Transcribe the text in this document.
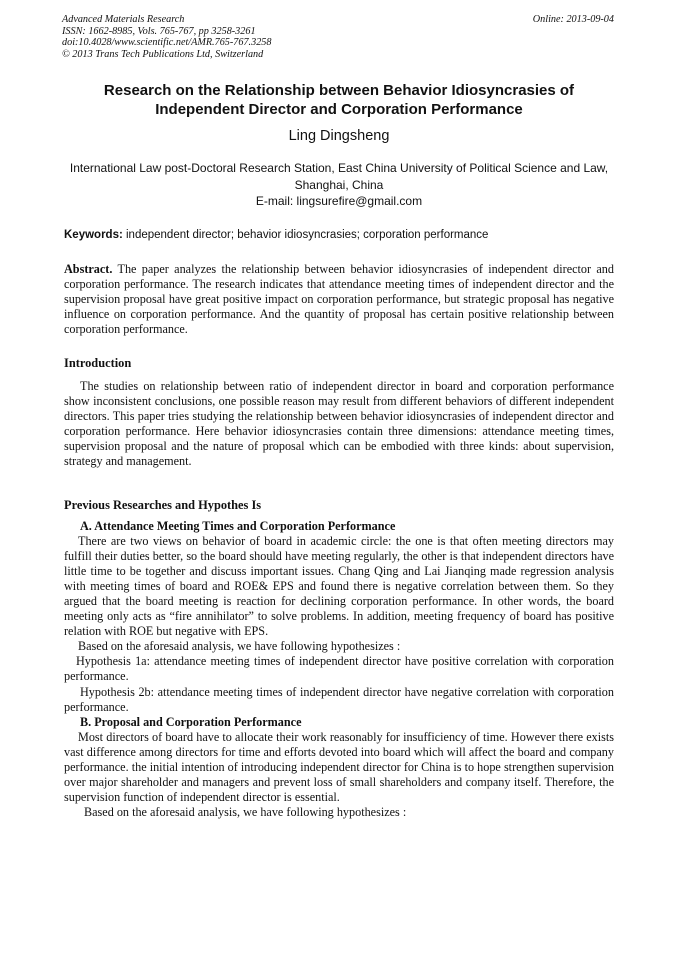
Advanced Materials Research
ISSN: 1662-8985, Vols. 765-767, pp 3258-3261
doi:10.4028/www.scientific.net/AMR.765-767.3258
© 2013 Trans Tech Publications Ltd, Switzerland
Online: 2013-09-04
Research on the Relationship between Behavior Idiosyncrasies of
Independent Director and Corporation Performance
Ling Dingsheng
International Law post-Doctoral Research Station, East China University of Political Science and Law, Shanghai, China
E-mail: lingsurefire@gmail.com
Keywords: independent director; behavior idiosyncrasies; corporation performance

Abstract. The paper analyzes the relationship between behavior idiosyncrasies of independent director and corporation performance. The research indicates that attendance meeting times of independent director and the supervision proposal have great positive impact on corporation performance, but strategic proposal has negative influence on corporation performance. And the quantity of proposal has certain positive relationship between corporation performance.

Introduction

The studies on relationship between ratio of independent director in board and corporation performance show inconsistent conclusions, one possible reason may result from different behaviors of different independent directors. This paper tries studying the relationship between behavior idiosyncrasies of independent director and corporation performance. Here behavior idiosyncrasies contain three dimensions: attendance meeting times, supervision proposal and the nature of proposal which can be embodied with three kinds: about supervision, strategy and management.

Previous Researches and Hypothes Is

A. Attendance Meeting Times and Corporation Performance

There are two views on behavior of board in academic circle: the one is that often meeting directors may fulfill their duties better, so the board should have meeting regularly, the other is that independent directors have little time to be together and discuss important issues. Chang Qing and Lai Jianqing made regression analysis with meeting times of board and ROE& EPS and found there is negative correlation between them. So they argued that the board meeting is reaction for declining corporation performance. In other words, the board meeting only acts as “fire annihilator” to solve problems. In addition, meeting frequency of board has positive relation with ROE but negative with EPS.

Based on the aforesaid analysis, we have following hypothesizes :

Hypothesis 1a: attendance meeting times of independent director have positive correlation with corporation performance.

Hypothesis 2b: attendance meeting times of independent director have negative correlation with corporation performance.

B. Proposal and Corporation Performance

Most directors of board have to allocate their work reasonably for insufficiency of time. However there exists vast difference among directors for time and efforts devoted into board which will affect the board and company performance. the initial intention of introducing independent director for China is to hope strengthen supervision over major shareholder and managers and prevent loss of small shareholders and company itself. Therefore, the supervision function of independent director is essential.

Based on the aforesaid analysis, we have following hypothesizes :
